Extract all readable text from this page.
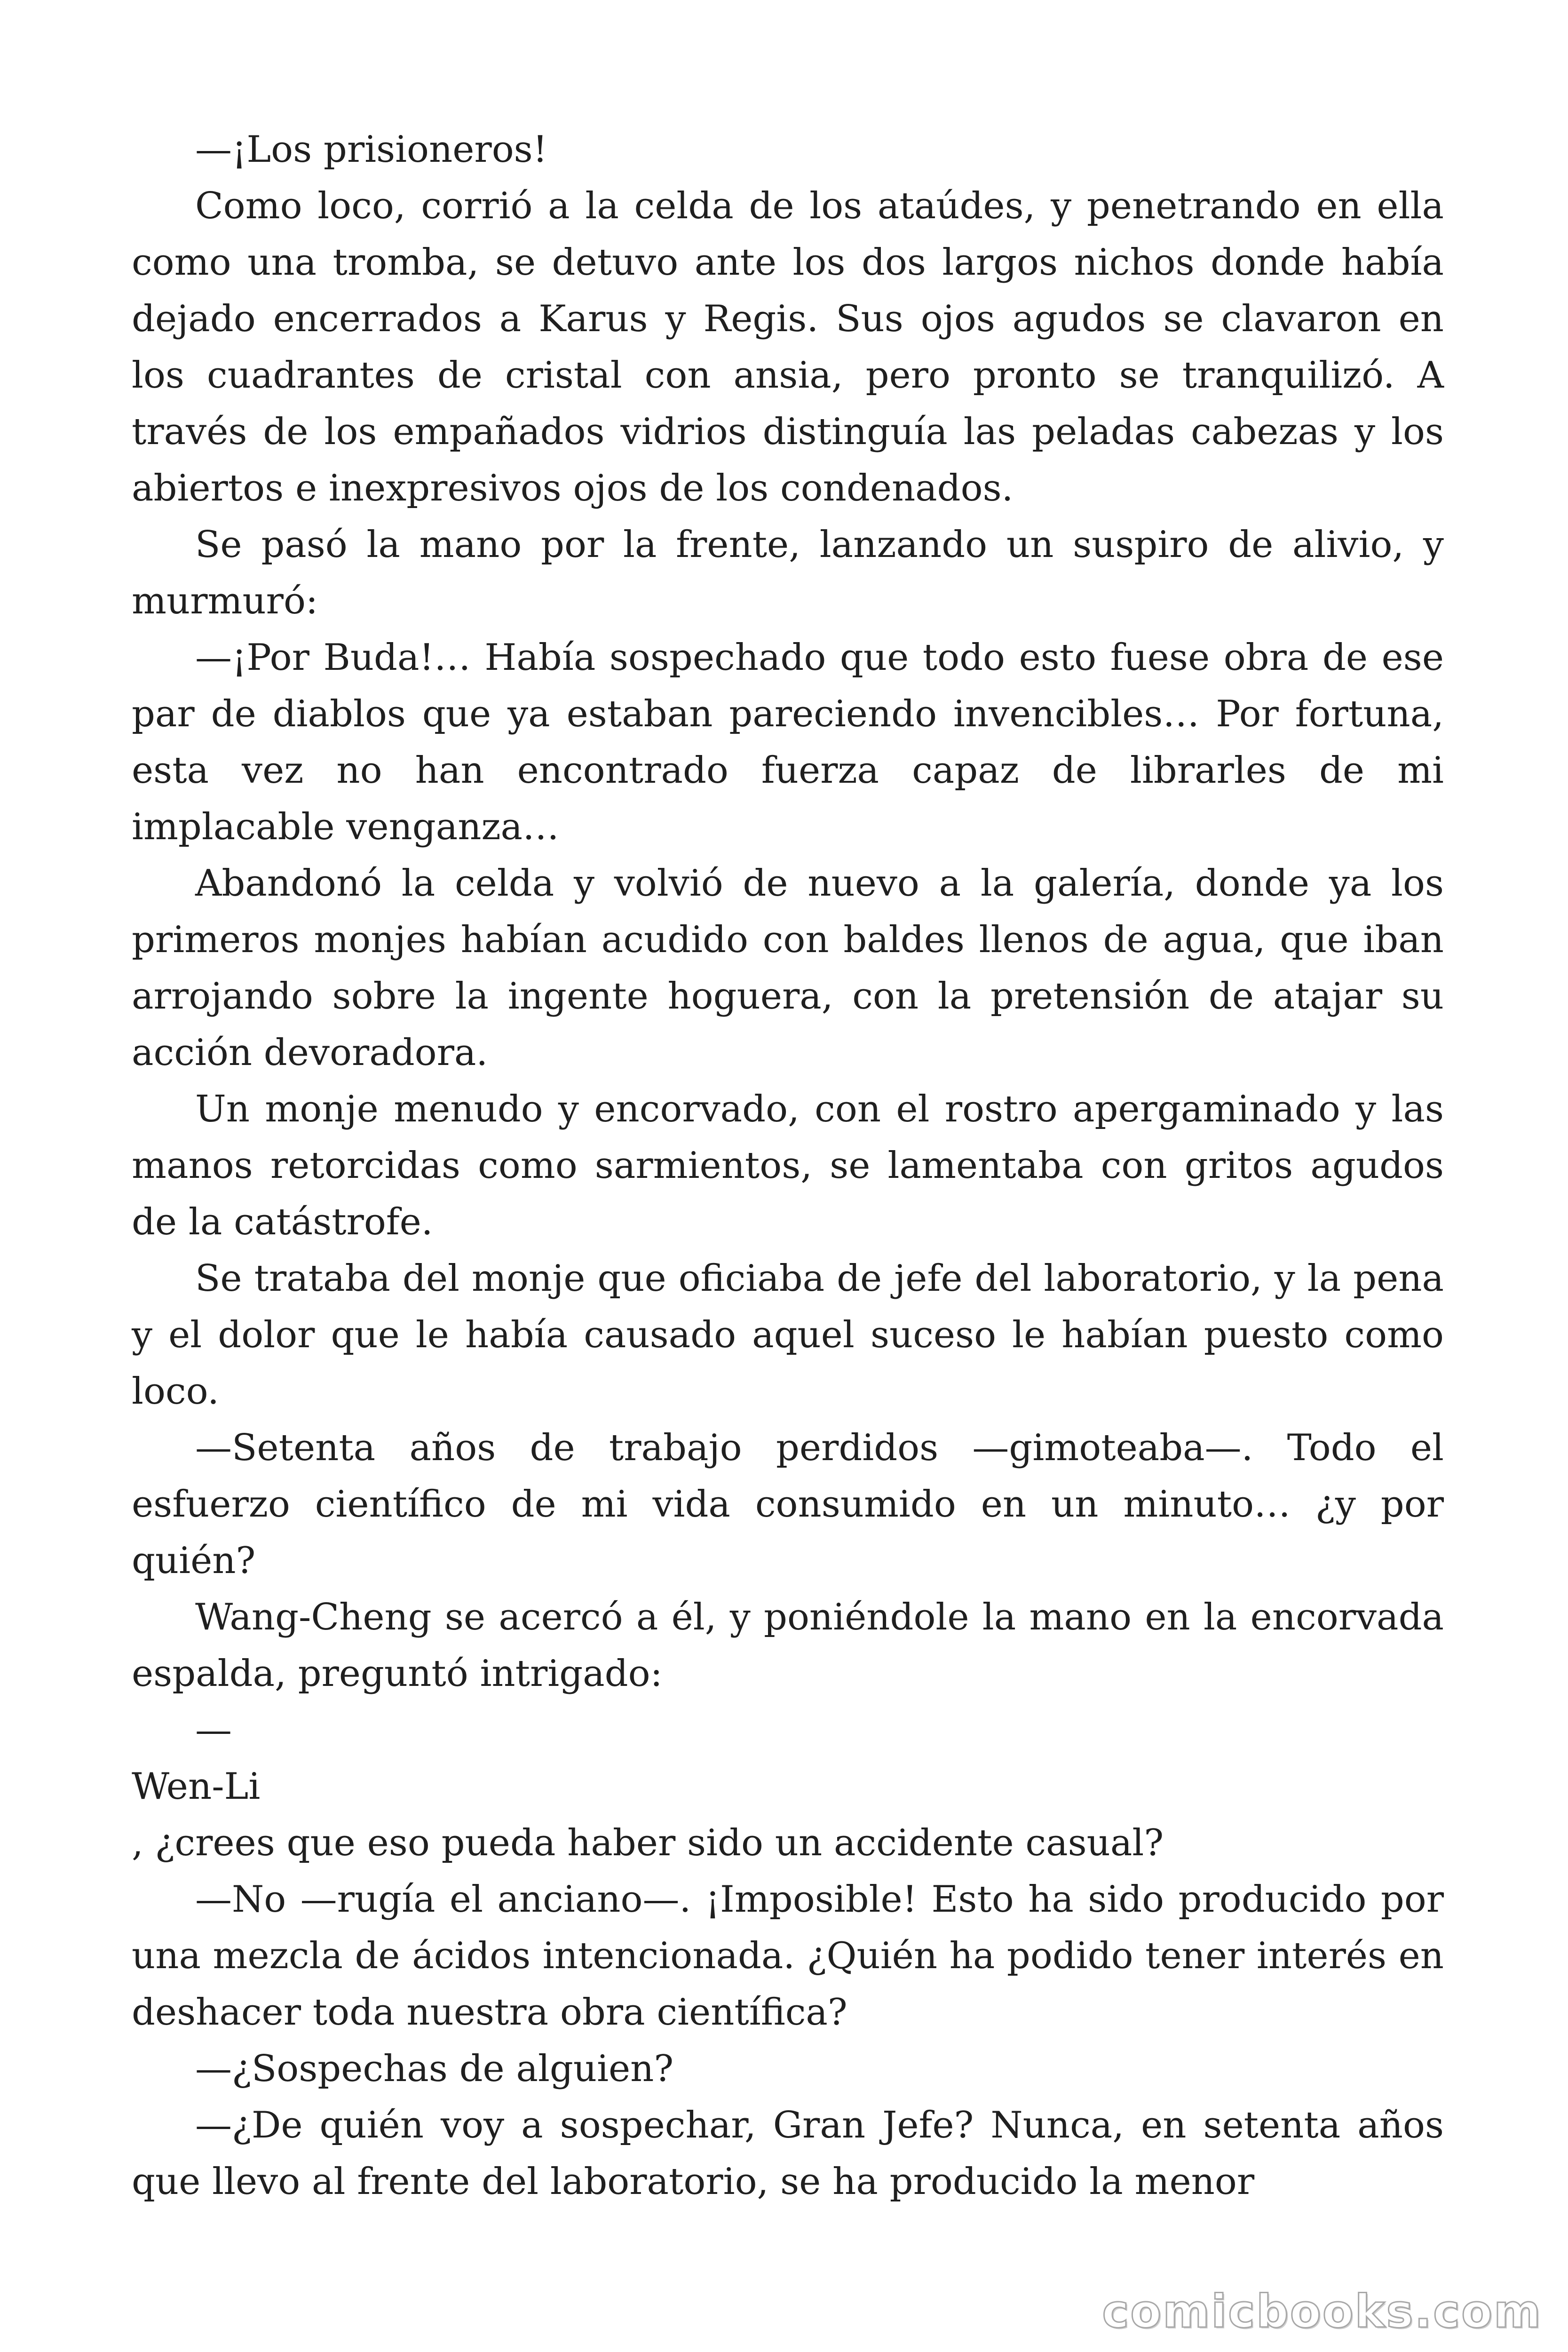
—¡Los prisioneros!

Como loco, corrió a la celda de los ataúdes, y penetrando en ella como una tromba, se detuvo ante los dos largos nichos donde había dejado encerrados a Karus y Regis. Sus ojos agudos se clavaron en los cuadrantes de cristal con ansia, pero pronto se tranquilizó. A través de los empañados vidrios distinguía las peladas cabezas y los abiertos e inexpresivos ojos de los condenados.

Se pasó la mano por la frente, lanzando un suspiro de alivio, y murmuró:

—¡Por Buda!… Había sospechado que todo esto fuese obra de ese par de diablos que ya estaban pareciendo invencibles… Por fortuna, esta vez no han encontrado fuerza capaz de librarles de mi implacable venganza…

Abandonó la celda y volvió de nuevo a la galería, donde ya los primeros monjes habían acudido con baldes llenos de agua, que iban arrojando sobre la ingente hoguera, con la pretensión de atajar su acción devoradora.

Un monje menudo y encorvado, con el rostro apergaminado y las manos retorcidas como sarmientos, se lamentaba con gritos agudos de la catástrofe.

Se trataba del monje que oficiaba de jefe del laboratorio, y la pena y el dolor que le había causado aquel suceso le habían puesto como loco.

—Setenta años de trabajo perdidos —gimoteaba—. Todo el esfuerzo científico de mi vida consumido en un minuto… ¿y por quién?

Wang-Cheng se acercó a él, y poniéndole la mano en la encorvada espalda, preguntó intrigado:

—

Wen-Li

, ¿crees que eso pueda haber sido un accidente casual?

—No —rugía el anciano—. ¡Imposible! Esto ha sido producido por una mezcla de ácidos intencionada. ¿Quién ha podido tener interés en deshacer toda nuestra obra científica?

—¿Sospechas de alguien?

—¿De quién voy a sospechar, Gran Jefe? Nunca, en setenta años que llevo al frente del laboratorio, se ha producido la menor

comicbooks.com
